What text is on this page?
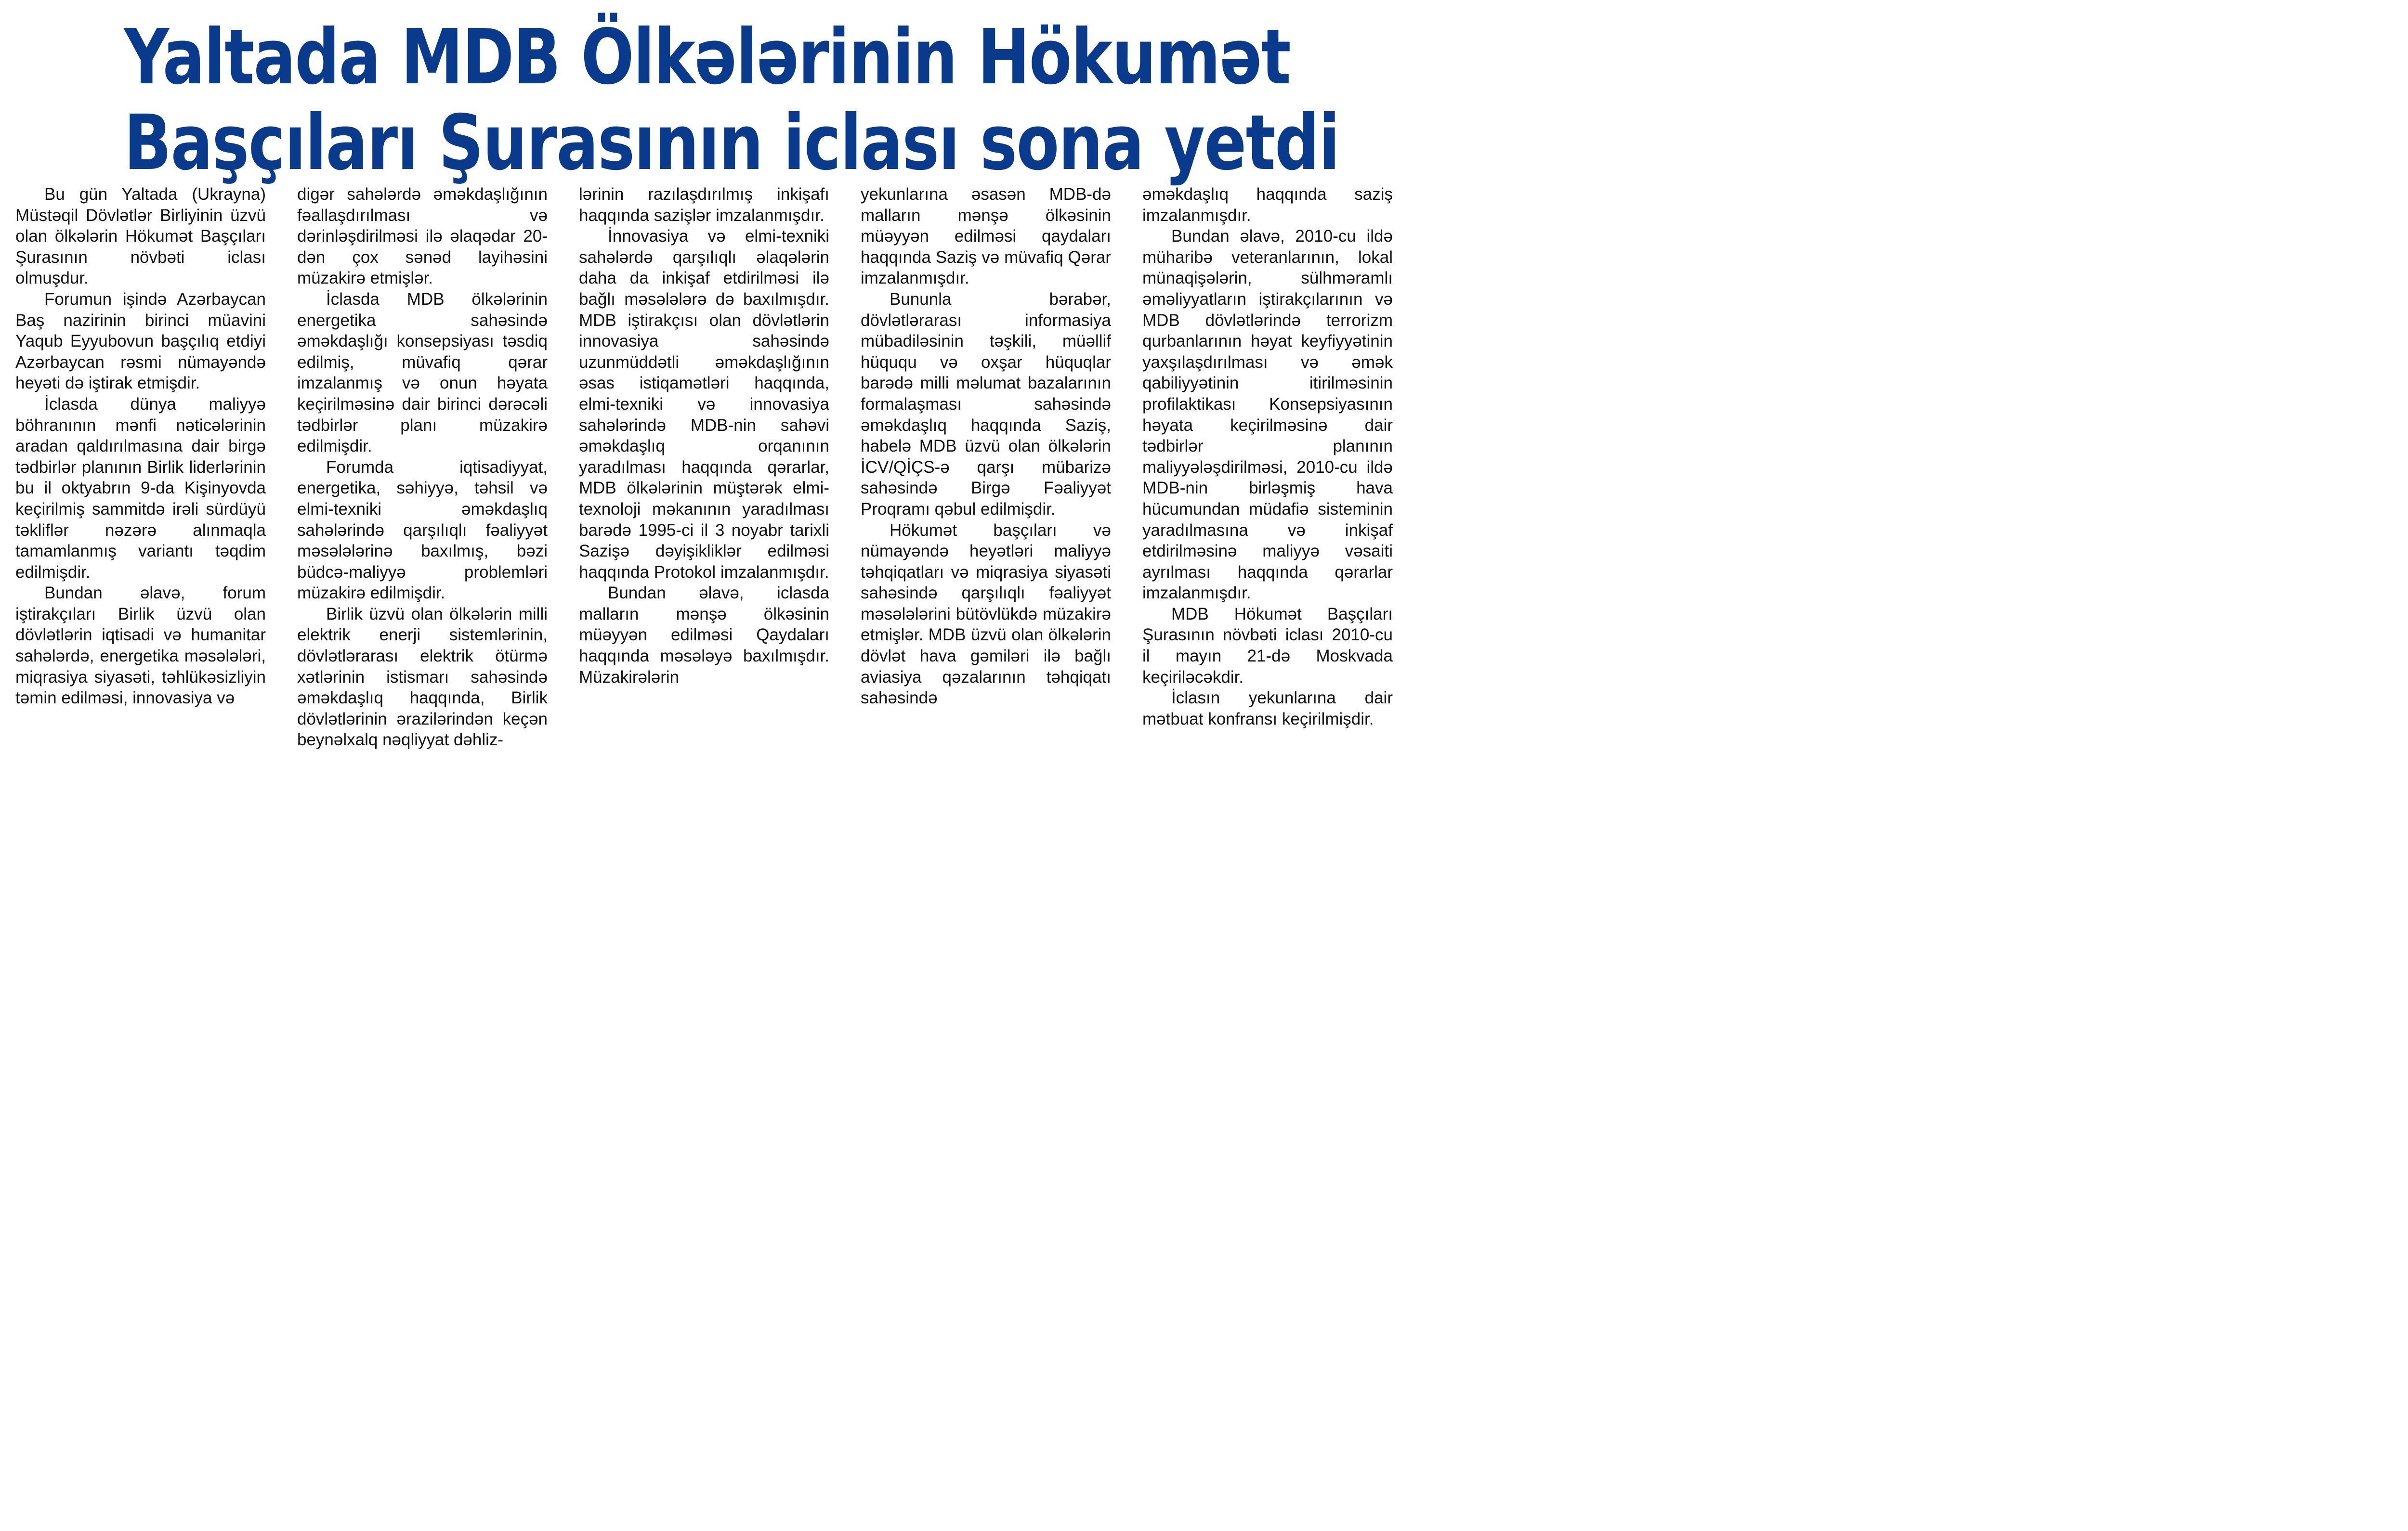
Yaltada MDB Ölkələrinin Hökumət
Başçıları Şurasının iclası sona yetdi

Bu gün Yaltada (Ukrayna) Müstəqil Dövlətlər Birliyinin üzvü olan ölkələrin Hökumət Başçıları Şurasının növbəti iclası olmuşdur.

Forumun işində Azərbaycan Baş nazirinin birinci müavini Yaqub Eyyubovun başçılıq etdiyi Azərbaycan rəsmi nümayəndə heyəti də iştirak etmişdir.

İclasda dünya maliyyə böhranının mənfi nəticələrinin aradan qaldırılmasına dair birgə tədbirlər planının Birlik liderlərinin bu il oktyabrın 9-da Kişinyovda keçirilmiş sammitdə irəli sürdüyü təkliflər nəzərə alınmaqla tamamlanmış variantı təqdim edilmişdir.

Bundan əlavə, forum iştirakçıları Birlik üzvü olan dövlətlərin iqtisadi və humanitar sahələrdə, energetika məsələləri, miqrasiya siyasəti, təhlükəsizliyin təmin edilməsi, innovasiya və

digər sahələrdə əməkdaşlığının fəallaşdırılması və dərinləşdirilməsi ilə əlaqədar 20-dən çox sənəd layihəsini müzakirə etmişlər.

İclasda MDB ölkələrinin energetika sahəsində əməkdaşlığı konsepsiyası təsdiq edilmiş, müvafiq qərar imzalanmış və onun həyata keçirilməsinə dair birinci dərəcəli tədbirlər planı müzakirə edilmişdir.

Forumda iqtisadiyyat, energetika, səhiyyə, təhsil və elmi-texniki əməkdaşlıq sahələrində qarşılıqlı fəaliyyət məsələlərinə baxılmış, bəzi büdcə-maliyyə problemləri müzakirə edilmişdir.

Birlik üzvü olan ölkələrin milli elektrik enerji sistemlərinin, dövlətlərarası elektrik ötürmə xətlərinin istismarı sahəsində əməkdaşlıq haqqında, Birlik dövlətlərinin ərazilərindən keçən beynəlxalq nəqliyyat dəhliz-

lərinin razılaşdırılmış inkişafı haqqında sazişlər imzalanmışdır.

İnnovasiya və elmi-texniki sahələrdə qarşılıqlı əlaqələrin daha da inkişaf etdirilməsi ilə bağlı məsələlərə də baxılmışdır. MDB iştirakçısı olan dövlətlərin innovasiya sahəsində uzunmüddətli əməkdaşlığının əsas istiqamətləri haqqında, elmi-texniki və innovasiya sahələrində MDB-nin sahəvi əməkdaşlıq orqanının yaradılması haqqında qərarlar, MDB ölkələrinin müştərək elmi-texnoloji məkanının yaradılması barədə 1995-ci il 3 noyabr tarixli Sazişə dəyişikliklər edilməsi haqqında Protokol imzalanmışdır.

Bundan əlavə, iclasda malların mənşə ölkəsinin müəyyən edilməsi Qaydaları haqqında məsələyə baxılmışdır. Müzakirələrin

yekunlarına əsasən MDB-də malların mənşə ölkəsinin müəyyən edilməsi qaydaları haqqında Saziş və müvafiq Qərar imzalanmışdır.

Bununla bərabər, dövlətlərarası informasiya mübadiləsinin təşkili, müəllif hüququ və oxşar hüquqlar barədə milli məlumat bazalarının formalaşması sahəsində əməkdaşlıq haqqında Saziş, habelə MDB üzvü olan ölkələrin İCV/QİÇS-ə qarşı mübarizə sahəsində Birgə Fəaliyyət Proqramı qəbul edilmişdir.

Hökumət başçıları və nümayəndə heyətləri maliyyə təhqiqatları və miqrasiya siyasəti sahəsində qarşılıqlı fəaliyyət məsələlərini bütövlükdə müzakirə etmişlər. MDB üzvü olan ölkələrin dövlət hava gəmiləri ilə bağlı aviasiya qəzalarının təhqiqatı sahəsində

əməkdaşlıq haqqında saziş imzalanmışdır.

Bundan əlavə, 2010-cu ildə müharibə veteranlarının, lokal münaqişələrin, sülhməramlı əməliyyatların iştirakçılarının və MDB dövlətlərində terrorizm qurbanlarının həyat keyfiyyətinin yaxşılaşdırılması və əmək qabiliyyətinin itirilməsinin profilaktikası Konsepsiyasının həyata keçirilməsinə dair tədbirlər planının maliyyələşdirilməsi, 2010-cu ildə MDB-nin birləşmiş hava hücumundan müdafiə sisteminin yaradılmasına və inkişaf etdirilməsinə maliyyə vəsaiti ayrılması haqqında qərarlar imzalanmışdır.

MDB Hökumət Başçıları Şurasının növbəti iclası 2010-cu il mayın 21-də Moskvada keçiriləcəkdir.

İclasın yekunlarına dair mətbuat konfransı keçirilmişdir.
